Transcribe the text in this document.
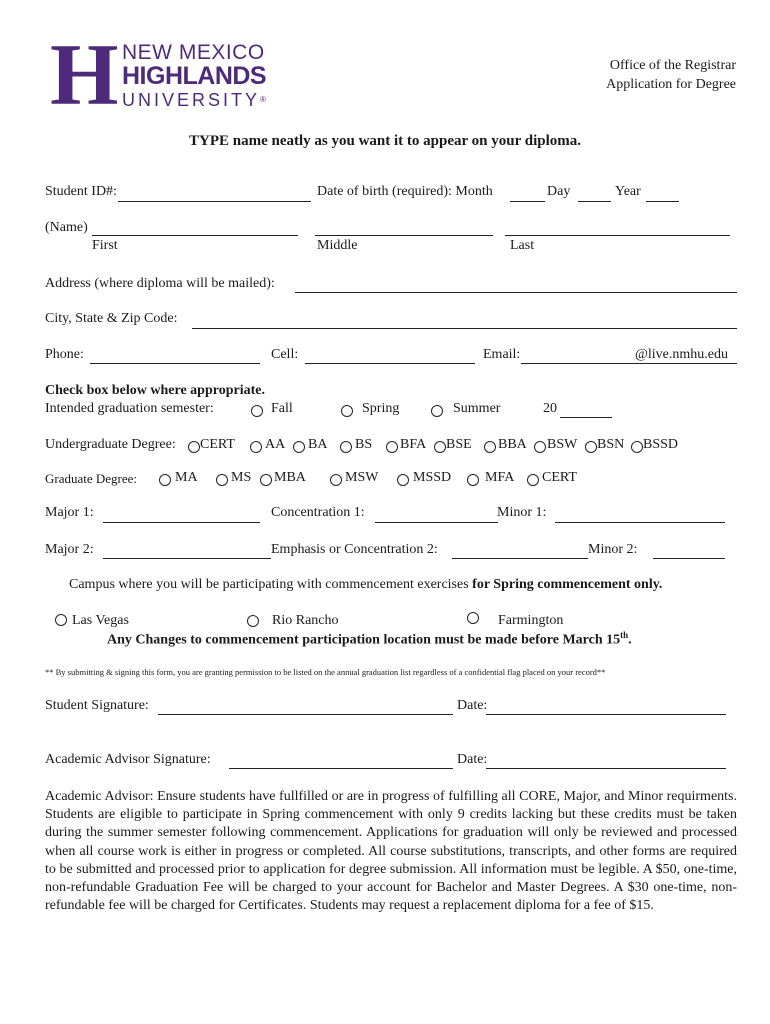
H NEW MEXICO
HIGHLANDS
UNIVERSITY®
Office of the Registrar
Application for Degree
TYPE name neatly as you want it to appear on your diploma.
Student ID#:	Date of birth (required): Month	Day	Year
(Name)
First	Middle	Last
Address (where diploma will be mailed):
City, State & Zip Code:
Phone:	Cell:	Email:	@live.nmhu.edu
Check box below where appropriate.
Intended graduation semester:	Fall	Spring	Summer	20
Undergraduate Degree: CERT AA BA BS BFA BSE BBA BSW BSN BSSD
Graduate Degree:	MA MS MBA	MSW MSSD MFA CERT
Major 1:	Concentration 1:	Minor 1:
Major 2:	Emphasis or Concentration 2:	Minor 2:
Campus where you will be participating with commencement exercises for Spring commencement only.
Las Vegas	Rio Rancho	Farmington
Any Changes to commencement participation location must be made before March 15th.
** By submitting & signing this form, you are granting permission to be listed on the annual graduation list regardless of a confidential flag placed on your record**
Student Signature:	Date:
Academic Advisor Signature:	Date:
Academic Advisor: Ensure students have fullfilled or are in progress of fulfilling all CORE, Major, and Minor requirments. Students are eligible to participate in Spring commencement with only 9 credits lacking but these credits must be taken during the summer semester following commencement. Applications for graduation will only be reviewed and processed when all course work is either in progress or completed. All course substitutions, transcripts, and other forms are required to be submitted and processed prior to application for degree submission. All information must be legible. A $50, one-time, non-refundable Graduation Fee will be charged to your account for Bachelor and Master Degrees. A $30 one-time, non-refundable fee will be charged for Certificates. Students may request a replacement diploma for a fee of $15.
